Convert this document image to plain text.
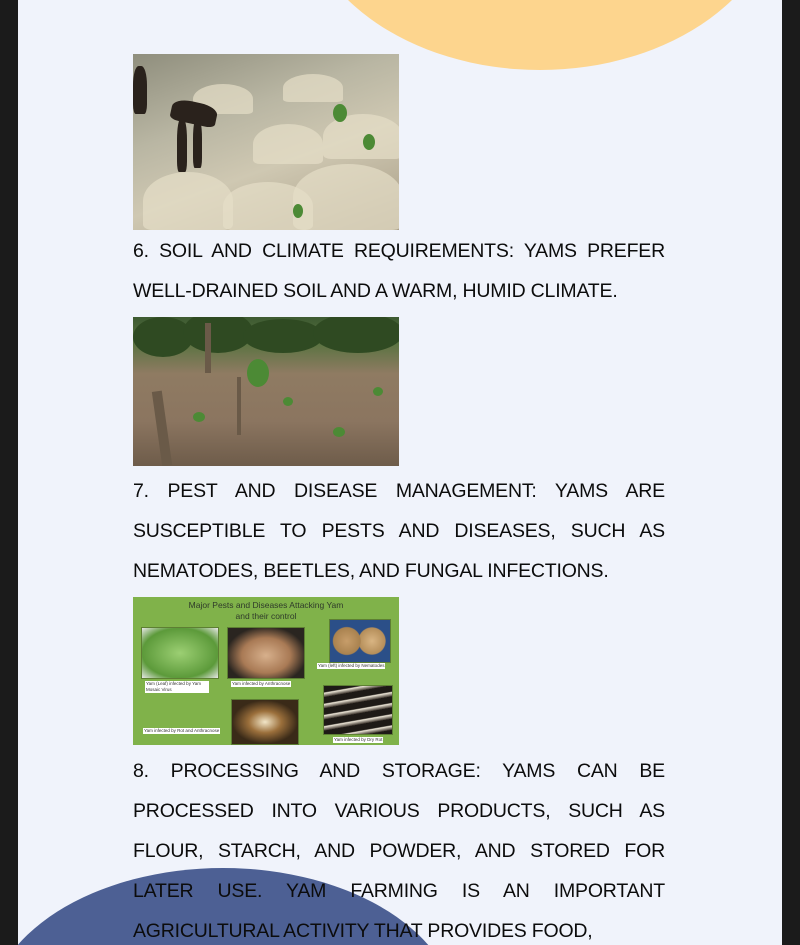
6. SOIL AND CLIMATE REQUIREMENTS: YAMS PREFER WELL-DRAINED SOIL AND A WARM, HUMID CLIMATE.

7. PEST AND DISEASE MANAGEMENT: YAMS ARE SUSCEPTIBLE TO PESTS AND DISEASES, SUCH AS NEMATODES, BEETLES, AND FUNGAL INFECTIONS.

Major Pests and Diseases Attacking Yam
and their control
Yam (Leaf) infected by Yam Mosaic Virus
Yam infected by Anthracnose
Yam (left) infected by Nematodes
Yam infected by Rot and Anthracnose
Yam infected by Dry Rot

8. PROCESSING AND STORAGE: YAMS CAN BE PROCESSED INTO VARIOUS PRODUCTS, SUCH AS FLOUR, STARCH, AND POWDER, AND STORED FOR LATER USE. YAM FARMING IS AN IMPORTANT AGRICULTURAL ACTIVITY THAT PROVIDES FOOD,
